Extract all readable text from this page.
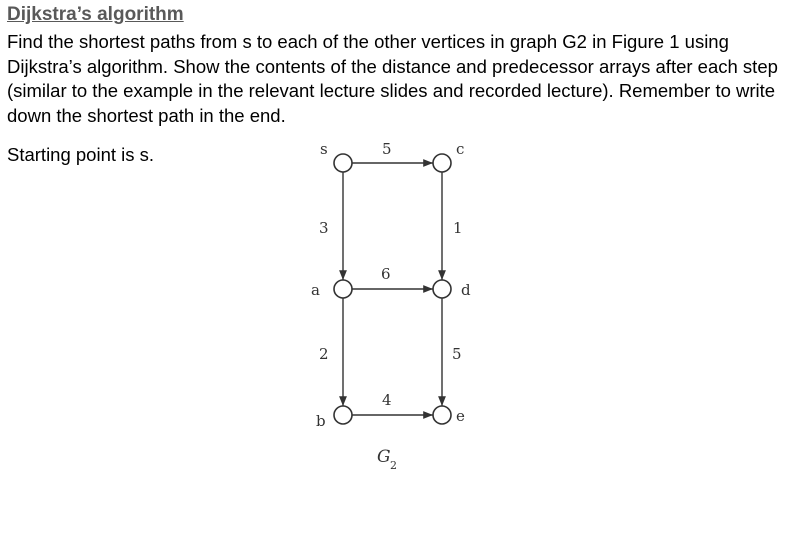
Dijkstra’s algorithm

Find the shortest paths from s to each of the other vertices in graph G2 in Figure 1 using Dijkstra’s algorithm. Show the contents of the distance and predecessor arrays after each step (similar to the example in the relevant lecture slides and recorded lecture). Remember to write down the shortest path in the end.

Starting point is s.	s	c
a	d
b	e
5
3	1
6
2	5
4
G 2
